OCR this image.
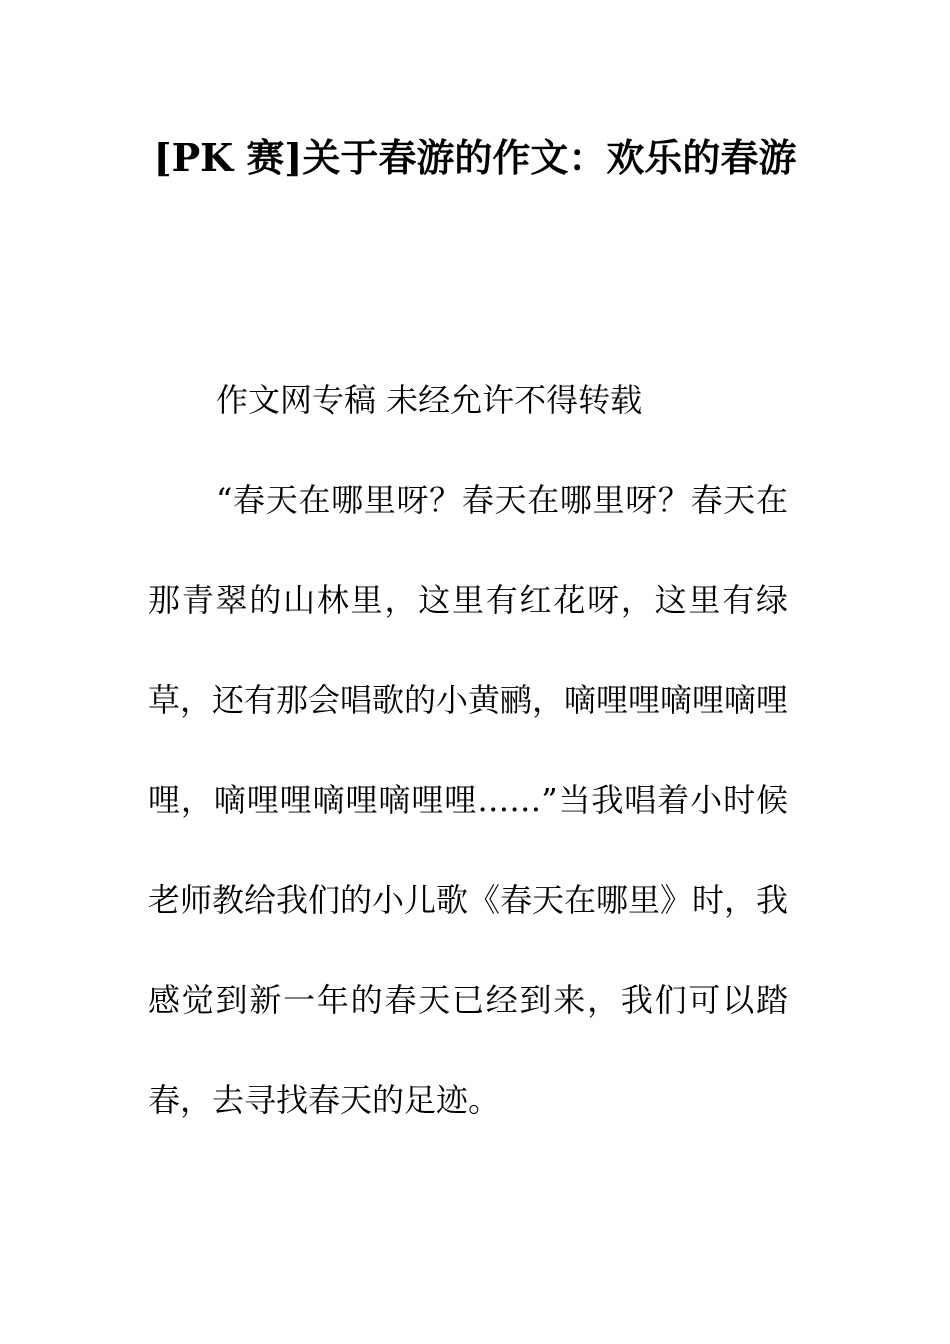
[PK 赛]关于春游的作文：欢乐的春游

作文网专稿 未经允许不得转载

“春天在哪里呀？春天在哪里呀？春天在那青翠的山林里，这里有红花呀，这里有绿草，还有那会唱歌的小黄鹂，嘀哩哩嘀哩嘀哩哩，嘀哩哩嘀哩嘀哩哩……”当我唱着小时候老师教给我们的小儿歌《春天在哪里》时，我感觉到新一年的春天已经到来，我们可以踏春，去寻找春天的足迹。
